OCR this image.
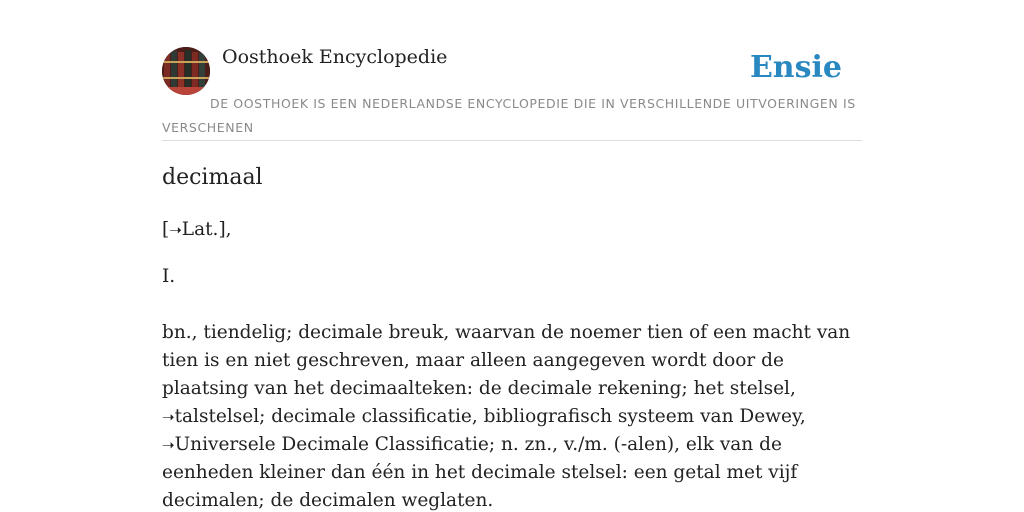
Oosthoek Encyclopedie	Ensie
DE OOSTHOEK IS EEN NEDERLANDSE ENCYCLOPEDIE DIE IN VERSCHILLENDE UITVOERINGEN IS VERSCHENEN
decimaal
[➝Lat.],
I.
bn., tiendelig; decimale breuk, waarvan de noemer tien of een macht van tien is en niet geschreven, maar alleen aangegeven wordt door de plaatsing van het decimaalteken: de decimale rekening; het stelsel, ➝talstelsel; decimale classificatie, bibliografisch systeem van Dewey, ➝Universele Decimale Classificatie; n. zn., v./m. (-alen), elk van de eenheden kleiner dan één in het decimale stelsel: een getal met vijf decimalen; de decimalen weglaten.
